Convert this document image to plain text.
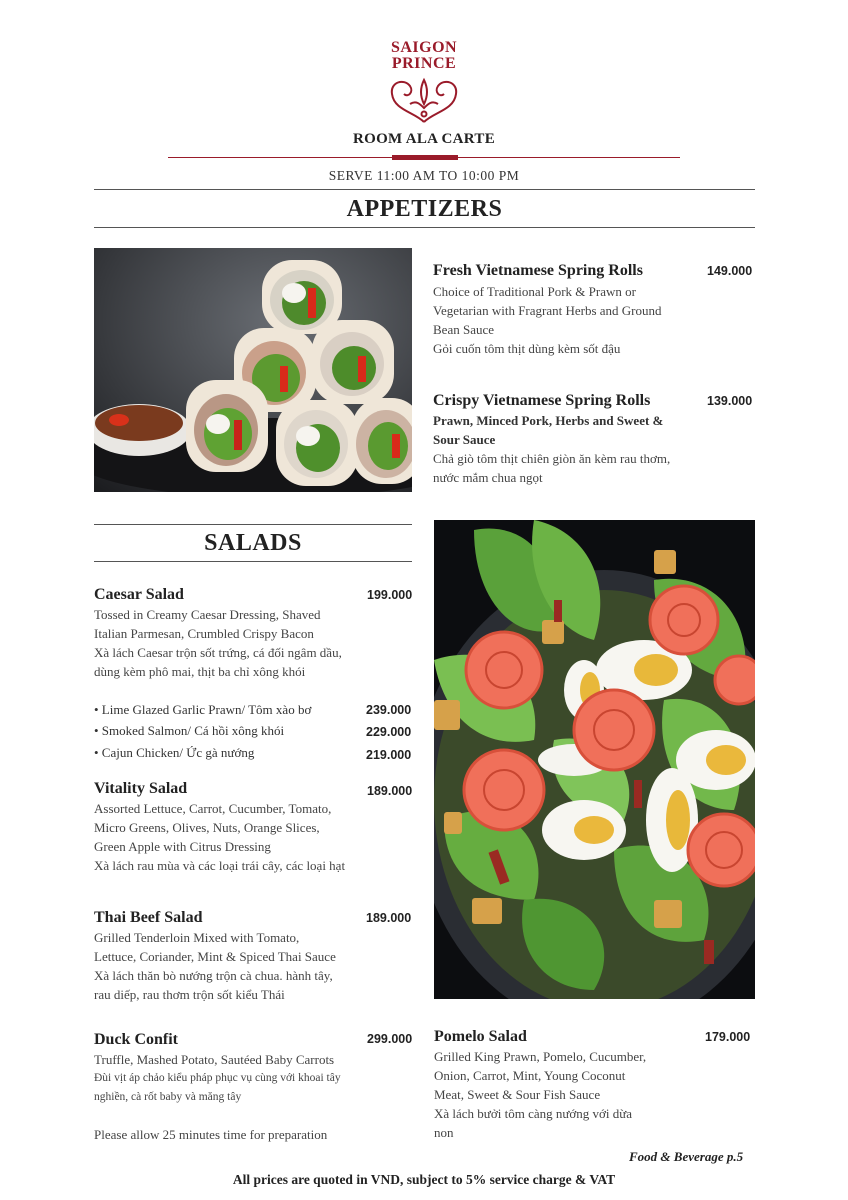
SAIGON
PRINCE
ROOM ALA CARTE
SERVE 11:00 AM TO 10:00 PM
APPETIZERS
Fresh Vietnamese Spring Rolls	149.000
Choice of Traditional Pork & Prawn or
Vegetarian with Fragrant Herbs and Ground
Bean Sauce
Gỏi cuốn tôm thịt dùng kèm sốt đậu
Crispy Vietnamese Spring Rolls	139.000
Prawn, Minced Pork, Herbs and Sweet &
Sour Sauce
Chả giò tôm thịt chiên giòn ăn kèm rau thơm,
nước mắm chua ngọt
SALADS
Caesar Salad	199.000
Tossed in Creamy Caesar Dressing, Shaved
Italian Parmesan, Crumbled Crispy Bacon
Xà lách Caesar trộn sốt trứng, cá đối ngâm dầu,
dùng kèm phô mai, thịt ba chỉ xông khói
• Lime Glazed Garlic Prawn/ Tôm xào bơ	239.000
• Smoked Salmon/ Cá hồi xông khói	229.000
• Cajun Chicken/ Ức gà nướng	219.000
Vitality Salad	189.000
Assorted Lettuce, Carrot, Cucumber, Tomato,
Micro Greens, Olives, Nuts, Orange Slices,
Green Apple with Citrus Dressing
Xà lách rau mùa và các loại trái cây, các loại hạt
Thai Beef Salad	189.000
Grilled Tenderloin Mixed with Tomato,
Lettuce, Coriander, Mint & Spiced Thai Sauce
Xà lách thăn bò nướng trộn cà chua. hành tây,
rau diếp, rau thơm trộn sốt kiểu Thái
Duck Confit	299.000
Truffle, Mashed Potato, Sautéed Baby Carrots
Đùi vịt áp chảo kiểu pháp phục vụ cùng với khoai tây
nghiền, cà rốt baby và măng tây
Please allow 25 minutes time for preparation
Pomelo Salad	179.000
Grilled King Prawn, Pomelo, Cucumber,
Onion, Carrot, Mint, Young Coconut
Meat, Sweet & Sour Fish Sauce
Xà lách bưởi tôm càng nướng với dừa
non
Food & Beverage p.5
All prices are quoted in VND, subject to 5% service charge & VAT
